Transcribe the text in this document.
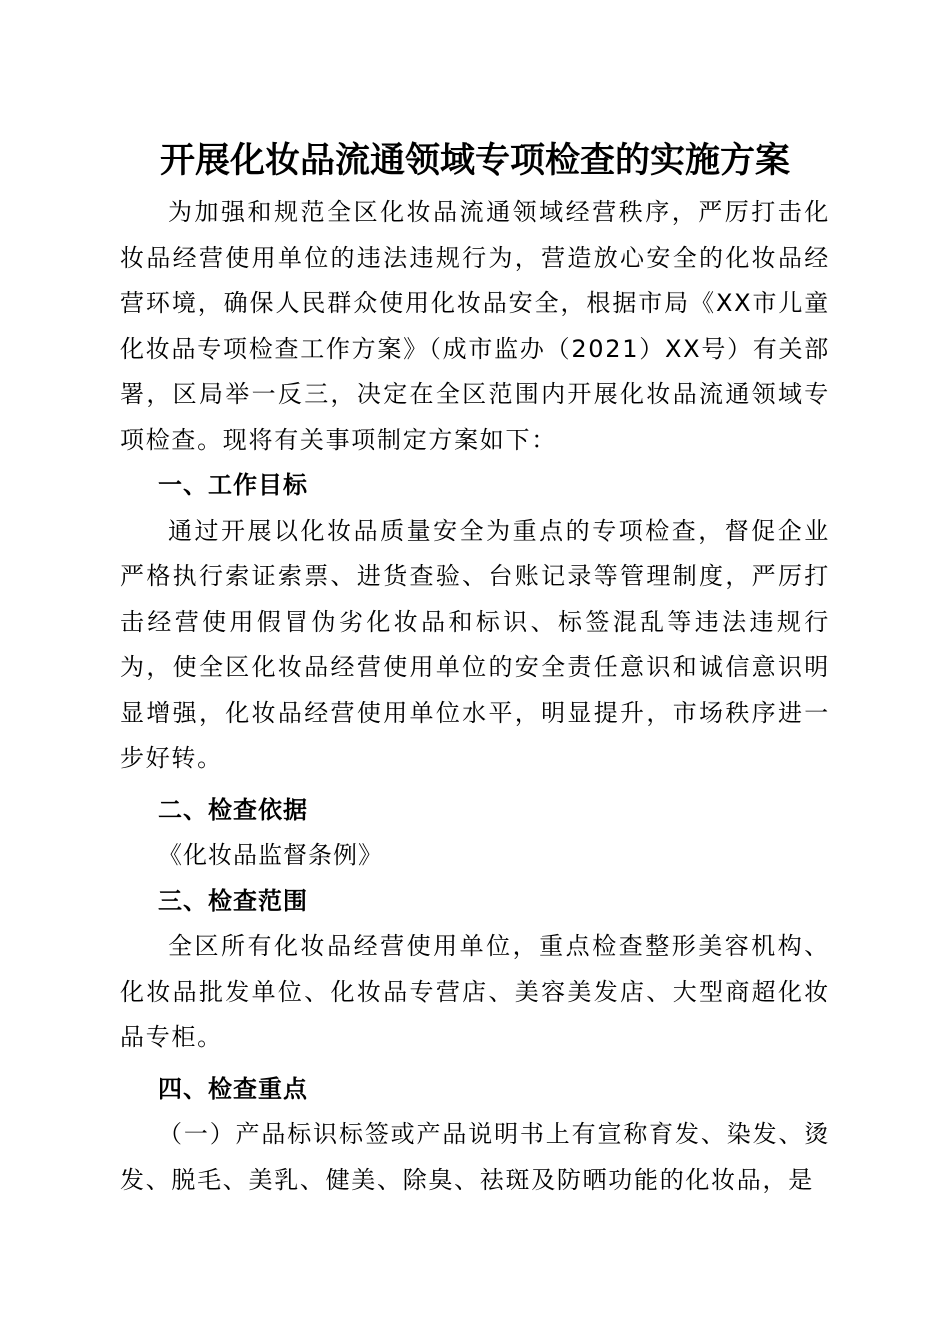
开展化妆品流通领域专项检查的实施方案

为加强和规范全区化妆品流通领域经营秩序，严厉打击化妆品经营使用单位的违法违规行为，营造放心安全的化妆品经营环境，确保人民群众使用化妆品安全，根据市局《XX市儿童化妆品专项检查工作方案》（成市监办（2021）XX号）有关部署，区局举一反三，决定在全区范围内开展化妆品流通领域专项检查。现将有关事项制定方案如下：

一、工作目标

通过开展以化妆品质量安全为重点的专项检查，督促企业严格执行索证索票、进货查验、台账记录等管理制度，严厉打击经营使用假冒伪劣化妆品和标识、标签混乱等违法违规行为，使全区化妆品经营使用单位的安全责任意识和诚信意识明显增强，化妆品经营使用单位水平，明显提升，市场秩序进一步好转。

二、检查依据

《化妆品监督条例》

三、检查范围

全区所有化妆品经营使用单位，重点检查整形美容机构、化妆品批发单位、化妆品专营店、美容美发店、大型商超化妆品专柜。

四、检查重点

（一）产品标识标签或产品说明书上有宣称育发、染发、烫发、脱毛、美乳、健美、除臭、祛斑及防晒功能的化妆品，是
